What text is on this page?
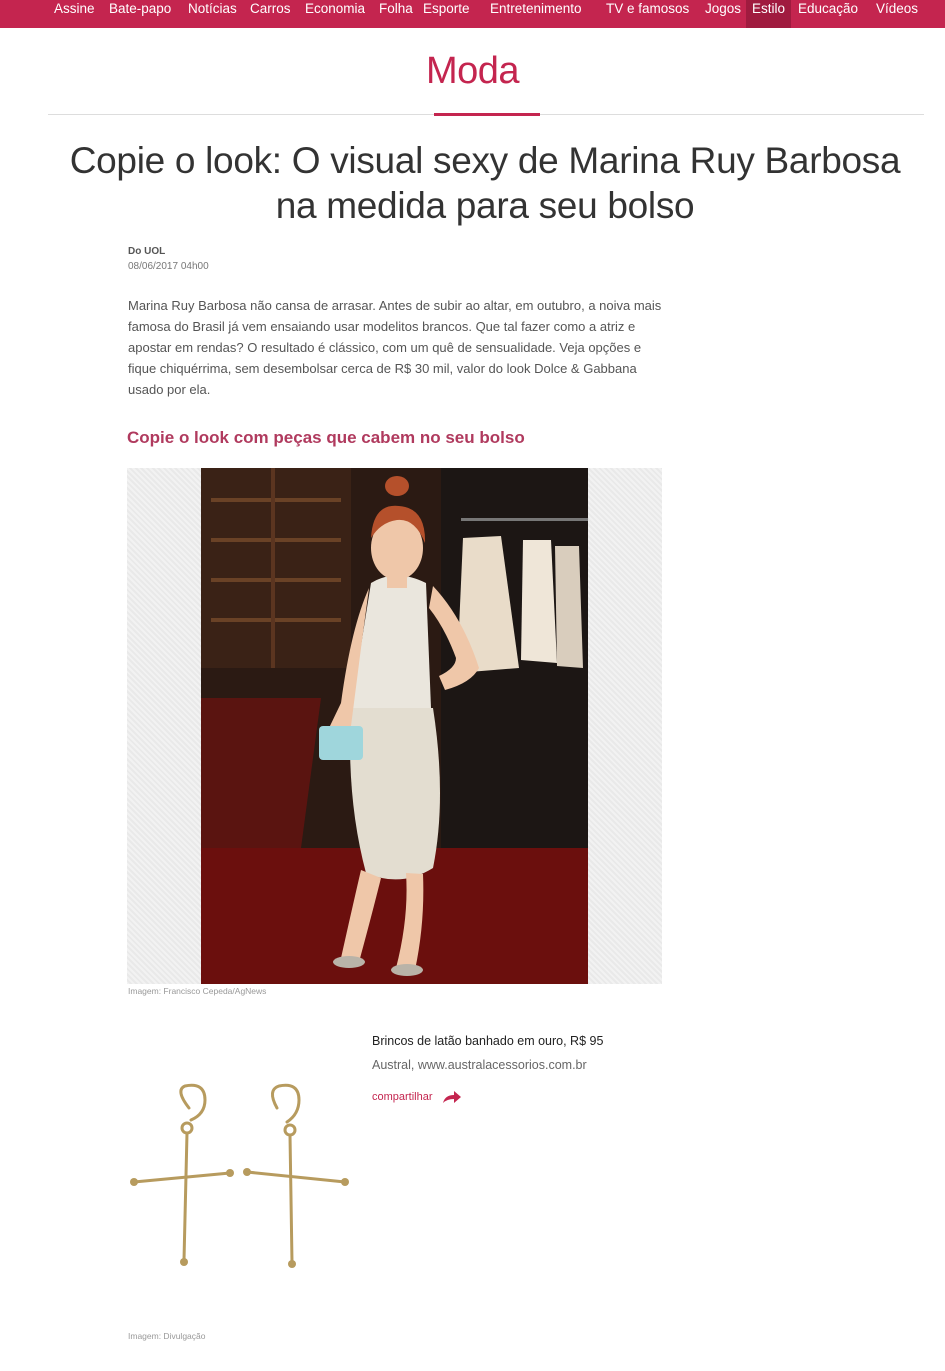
Assine Bate-papo Notícias Carros Economia Folha Esporte Entretenimento TV e famosos Jogos Estilo Educação Vídeos
Moda
Copie o look: O visual sexy de Marina Ruy Barbosa
na medida para seu bolso
Do UOL
08/06/2017 04h00

Marina Ruy Barbosa não cansa de arrasar. Antes de subir ao altar, em outubro, a noiva mais famosa do Brasil já vem ensaiando usar modelitos brancos. Que tal fazer como a atriz e apostar em rendas? O resultado é clássico, com um quê de sensualidade. Veja opções e fique chiquérrima, sem desembolsar cerca de R$ 30 mil, valor do look Dolce & Gabbana usado por ela.

Copie o look com peças que cabem no seu bolso
Imagem: Francisco Cepeda/AgNews
Brincos de latão banhado em ouro, R$ 95
Austral, www.australacessorios.com.br
compartilhar
Imagem: Divulgação
